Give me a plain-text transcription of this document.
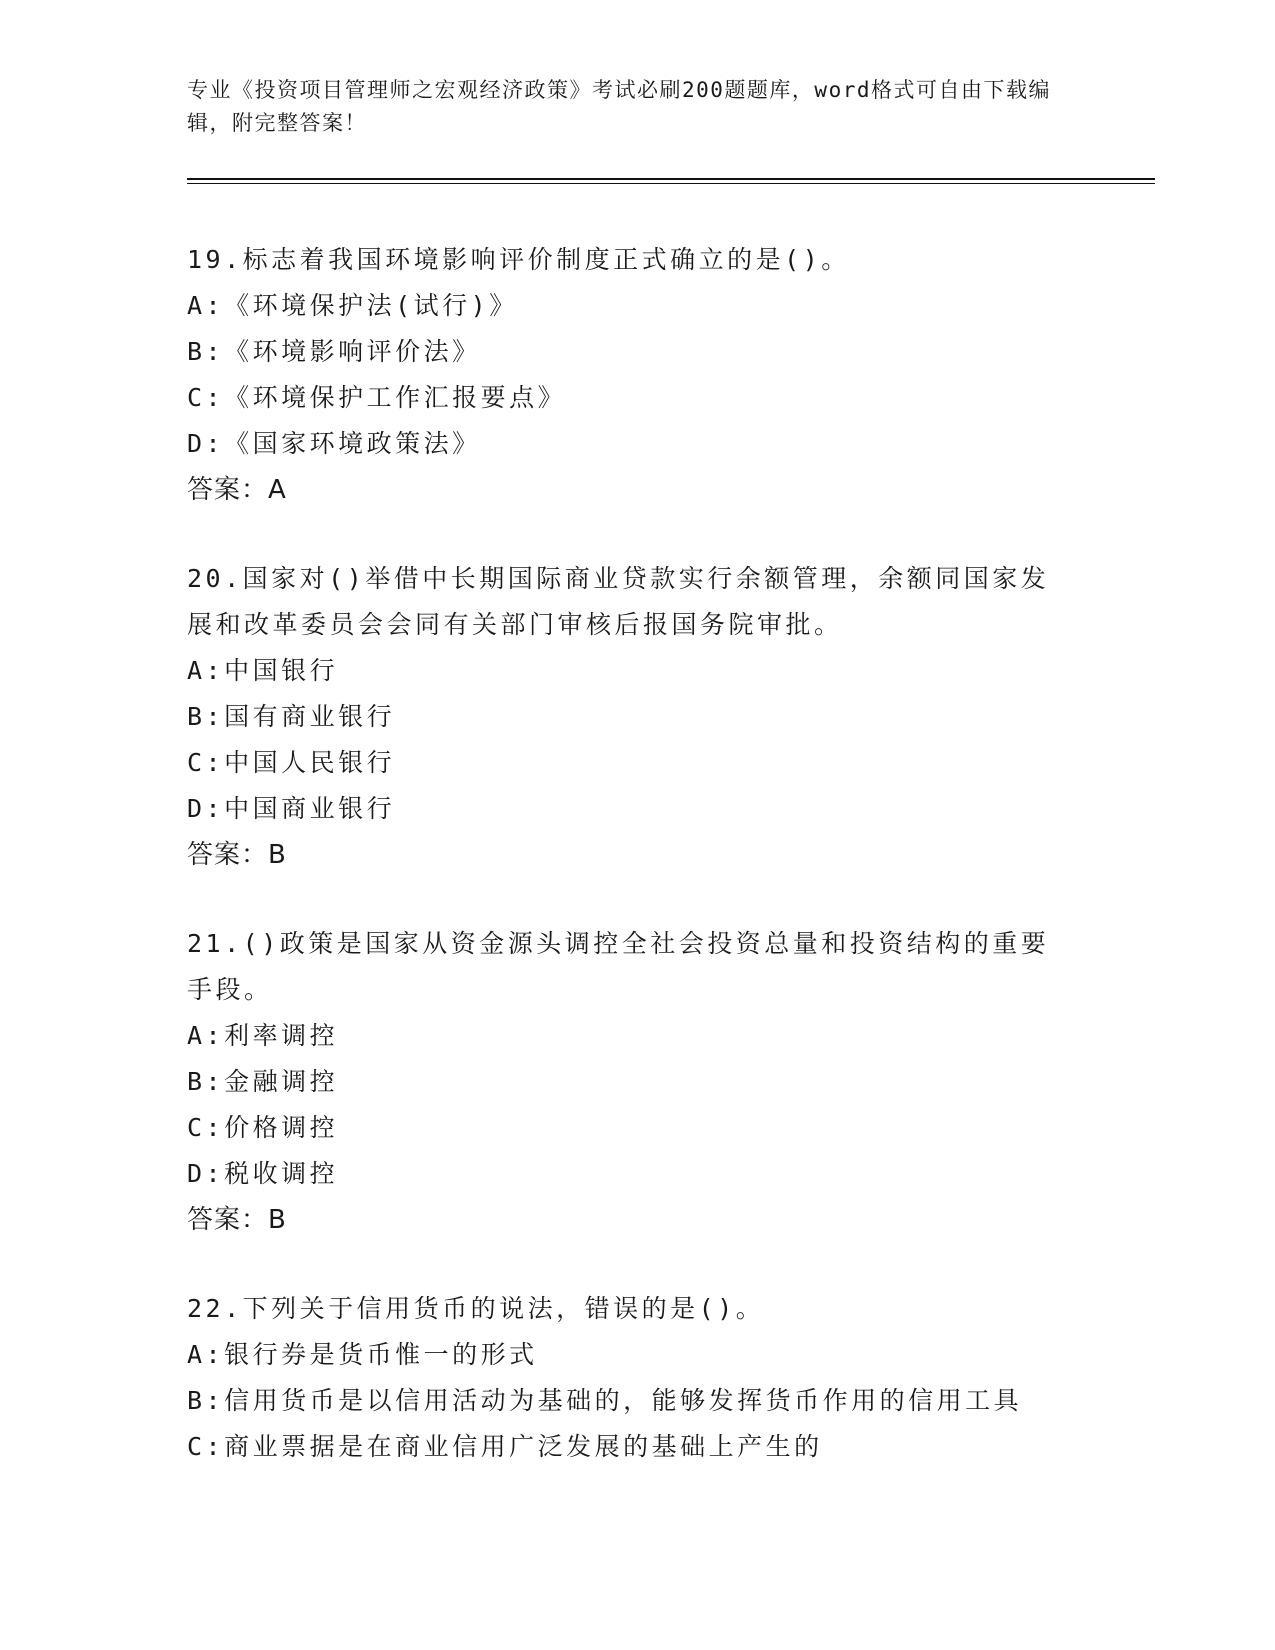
专业《投资项目管理师之宏观经济政策》考试必刷200题题库，word格式可自由下载编辑，附完整答案！
19.标志着我国环境影响评价制度正式确立的是()。
A:《环境保护法(试行)》
B:《环境影响评价法》
C:《环境保护工作汇报要点》
D:《国家环境政策法》
答案：A
20.国家对()举借中长期国际商业贷款实行余额管理，余额同国家发展和改革委员会会同有关部门审核后报国务院审批。
A:中国银行
B:国有商业银行
C:中国人民银行
D:中国商业银行
答案：B
21.()政策是国家从资金源头调控全社会投资总量和投资结构的重要手段。
A:利率调控
B:金融调控
C:价格调控
D:税收调控
答案：B
22.下列关于信用货币的说法，错误的是()。
A:银行券是货币惟一的形式
B:信用货币是以信用活动为基础的，能够发挥货币作用的信用工具
C:商业票据是在商业信用广泛发展的基础上产生的
